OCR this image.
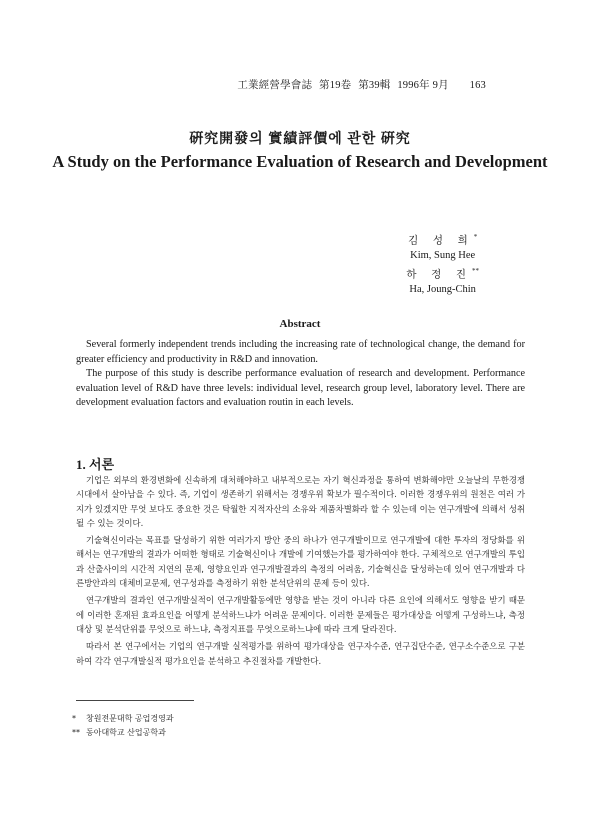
工業經營學會誌 第19卷 第39輯 1996年 9月 163
硏究開發의 實績評價에 관한 硏究
A Study on the Performance Evaluation of Research and Development
김 성 희*
Kim, Sung Hee
하 정 진**
Ha, Joung-Chin
Abstract

Several formerly independent trends including the increasing rate of technological change, the demand for greater efficiency and productivity in R&D and innovation.

The purpose of this study is describe performance evaluation of research and development. Performance evaluation level of R&D have three levels: individual level, research group level, laboratory level. There are development evaluation factors and evaluation routin in each levels.

1. 서론

기업은 외부의 환경변화에 신속하게 대처해야하고 내부적으로는 자기 혁신과정을 통하여 변화해야만 오늘날의 무한경쟁시대에서 살아남을 수 있다. 즉, 기업이 생존하기 위해서는 경쟁우위 확보가 필수적이다. 이러한 경쟁우위의 원천은 여러 가지가 있겠지만 무엇 보다도 중요한 것은 탁월한 지적자산의 소유와 제품차별화라 할 수 있는데 이는 연구개발에 의해서 성취될 수 있는 것이다.

기술혁신이라는 목표를 달성하기 위한 여러가지 방안 중의 하나가 연구개발이므로 연구개발에 대한 투자의 정당화를 위해서는 연구개발의 결과가 어떠한 형태로 기술혁신이나 개발에 기여했는가를 평가하여야 한다. 구체적으로 연구개발의 투입과 산출사이의 시간적 지연의 문제, 영향요인과 연구개발결과의 측정의 어려움, 기술혁신을 달성하는데 있어 연구개발과 다른방안과의 대체비교문제, 연구성과를 측정하기 위한 분석단위의 문제 등이 있다.

연구개발의 결과인 연구개발실적이 연구개발활동에만 영향을 받는 것이 아니라 다른 요인에 의해서도 영향을 받기 때문에 이러한 혼재된 효과요인을 어떻게 분석하느냐가 어려운 문제이다. 이러한 문제들은 평가대상을 어떻게 구성하느냐, 측정대상 및 분석단위를 무엇으로 하느냐, 측정지표를 무엇으로하느냐에 따라 크게 달라진다.

따라서 본 연구에서는 기업의 연구개발 실적평가를 위하여 평가대상을 연구자수준, 연구집단수준, 연구소수준으로 구분하여 각각 연구개발실적 평가요인을 분석하고 추진절차를 개발한다.

* 창원전문대학 공업경영과
** 동아대학교 산업공학과
